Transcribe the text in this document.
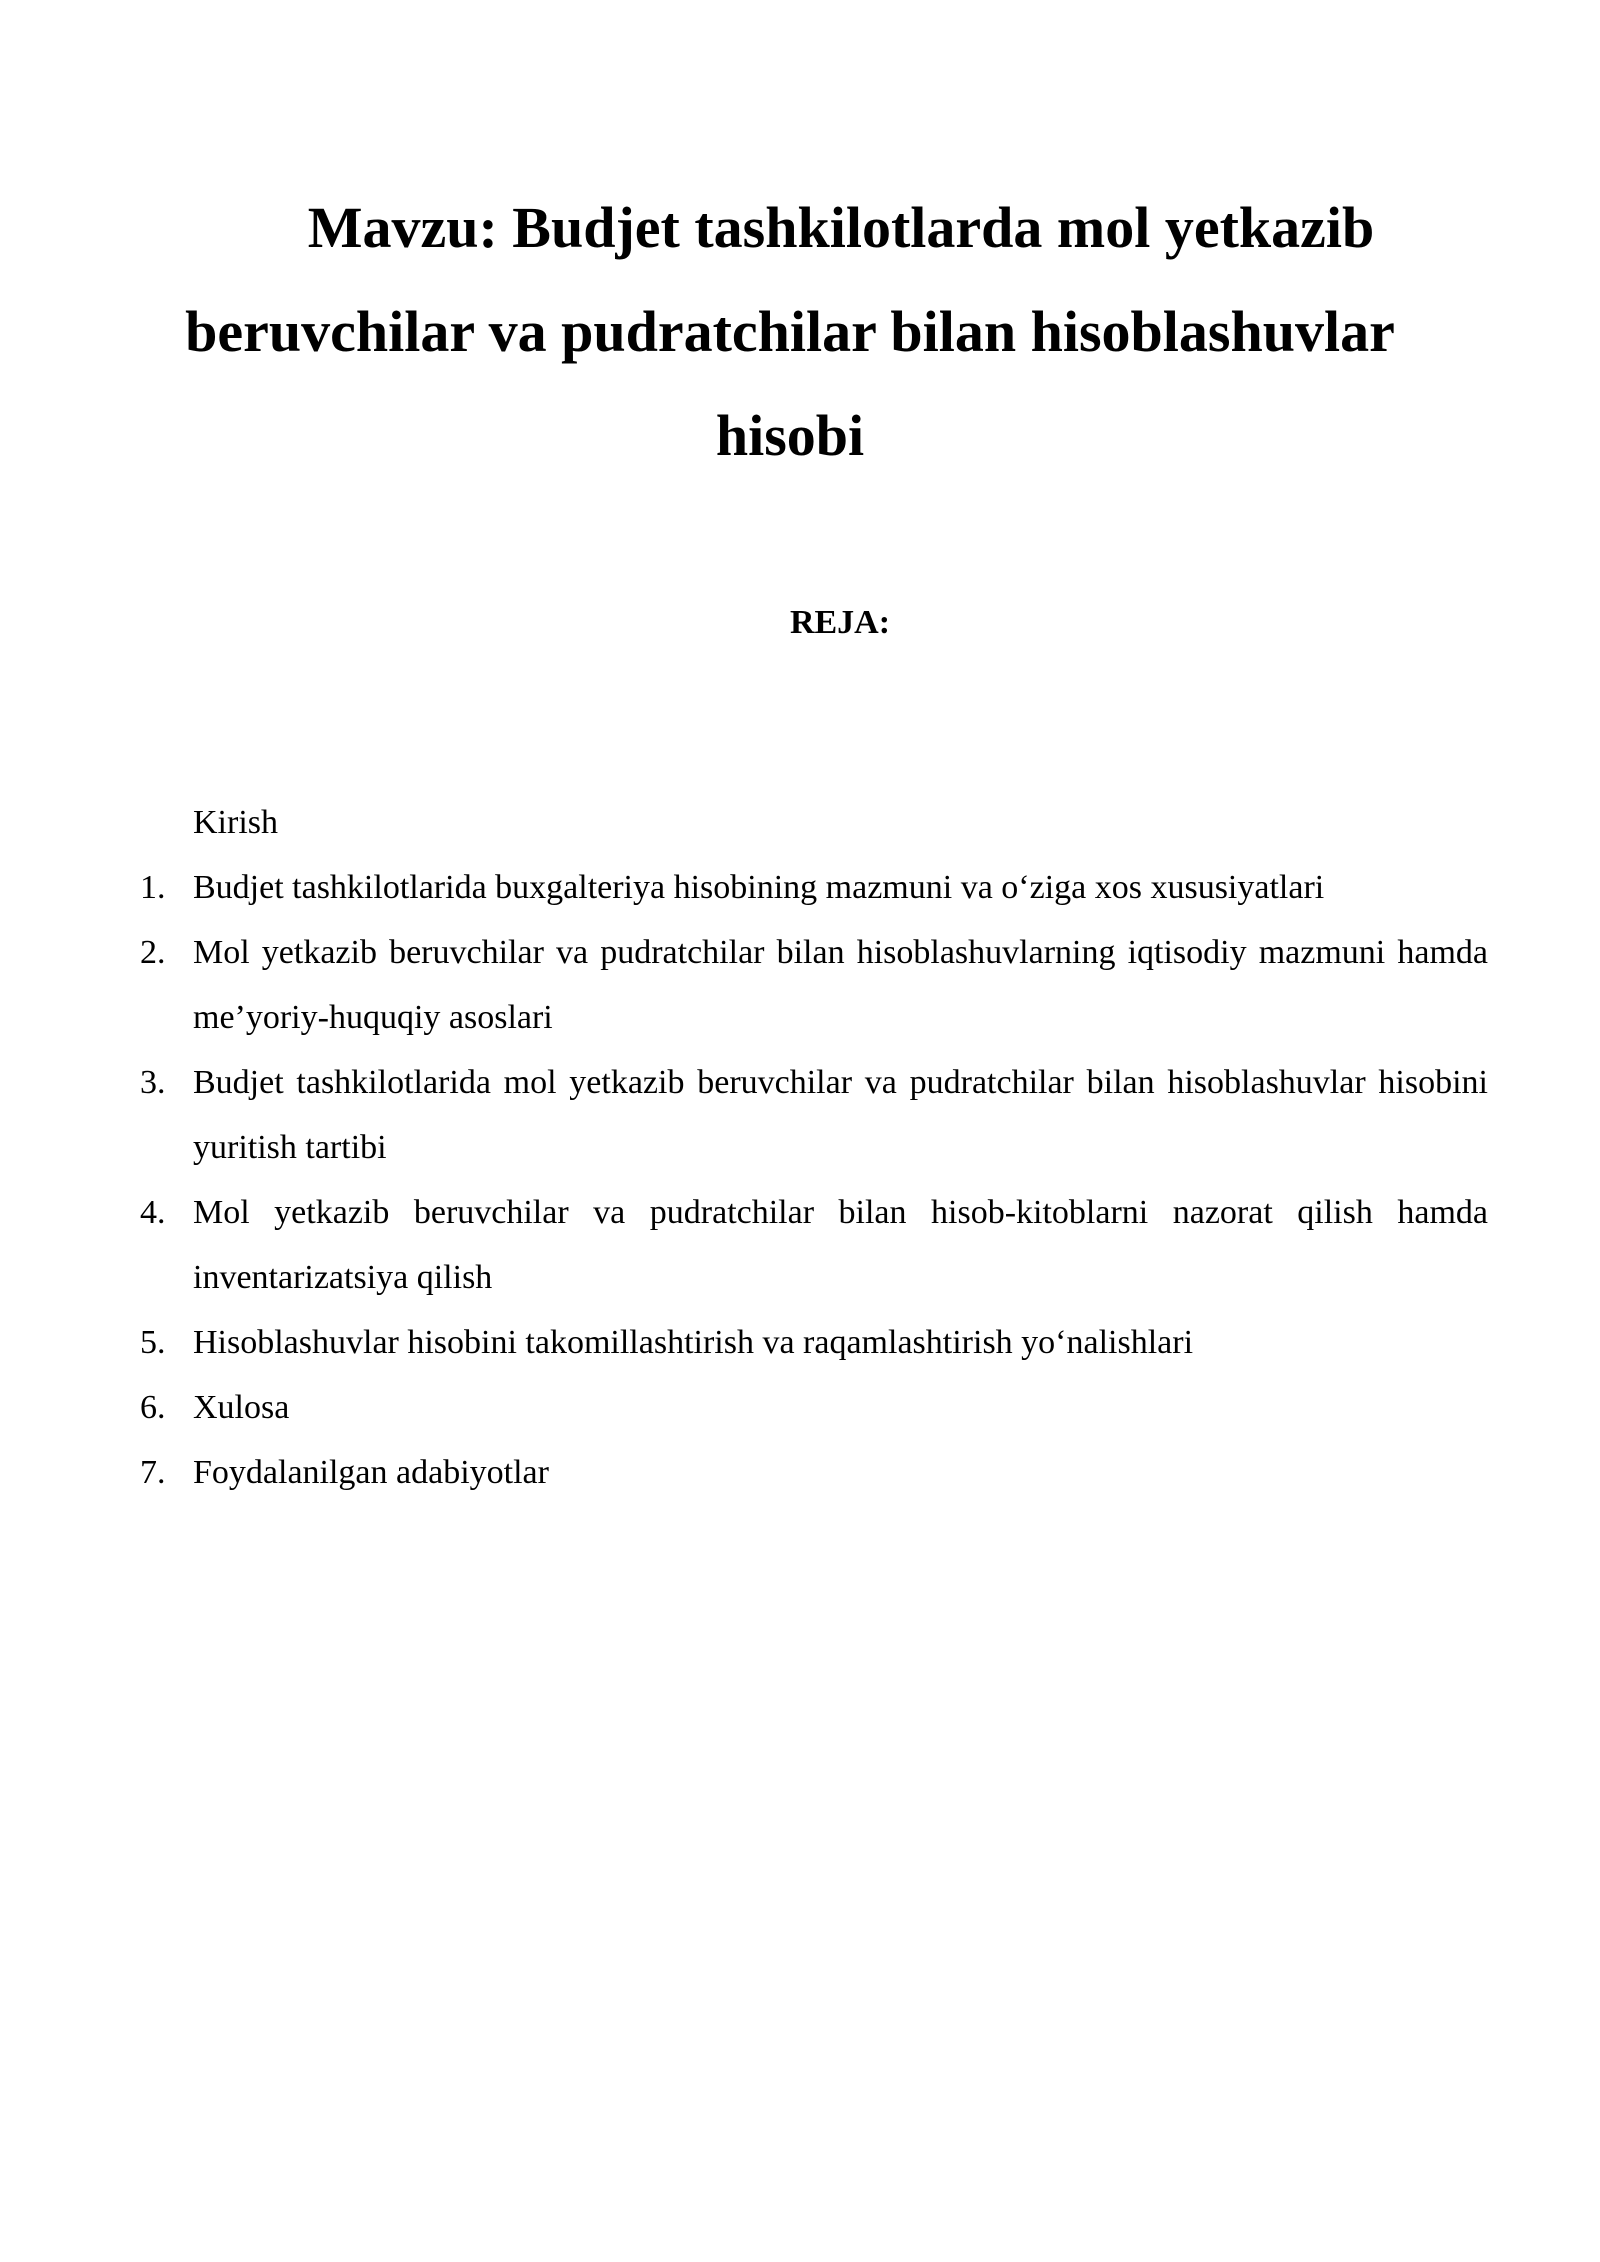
Mavzu: Budjet tashkilotlarda mol yetkazib
beruvchilar va pudratchilar bilan hisoblashuvlar
hisobi
REJA:

Kirish

1. Budjet tashkilotlarida buxgalteriya hisobining mazmuni va o‘ziga xos xususiyatlari
2. Mol yetkazib beruvchilar va pudratchilar bilan hisoblashuvlarning iqtisodiy mazmuni hamda me’yoriy-huquqiy asoslari
3. Budjet tashkilotlarida mol yetkazib beruvchilar va pudratchilar bilan hisoblashuvlar hisobini yuritish tartibi
4. Mol yetkazib beruvchilar va pudratchilar bilan hisob-kitoblarni nazorat qilish hamda inventarizatsiya qilish
5. Hisoblashuvlar hisobini takomillashtirish va raqamlashtirish yo‘nalishlari
6. Xulosa
7. Foydalanilgan adabiyotlar
